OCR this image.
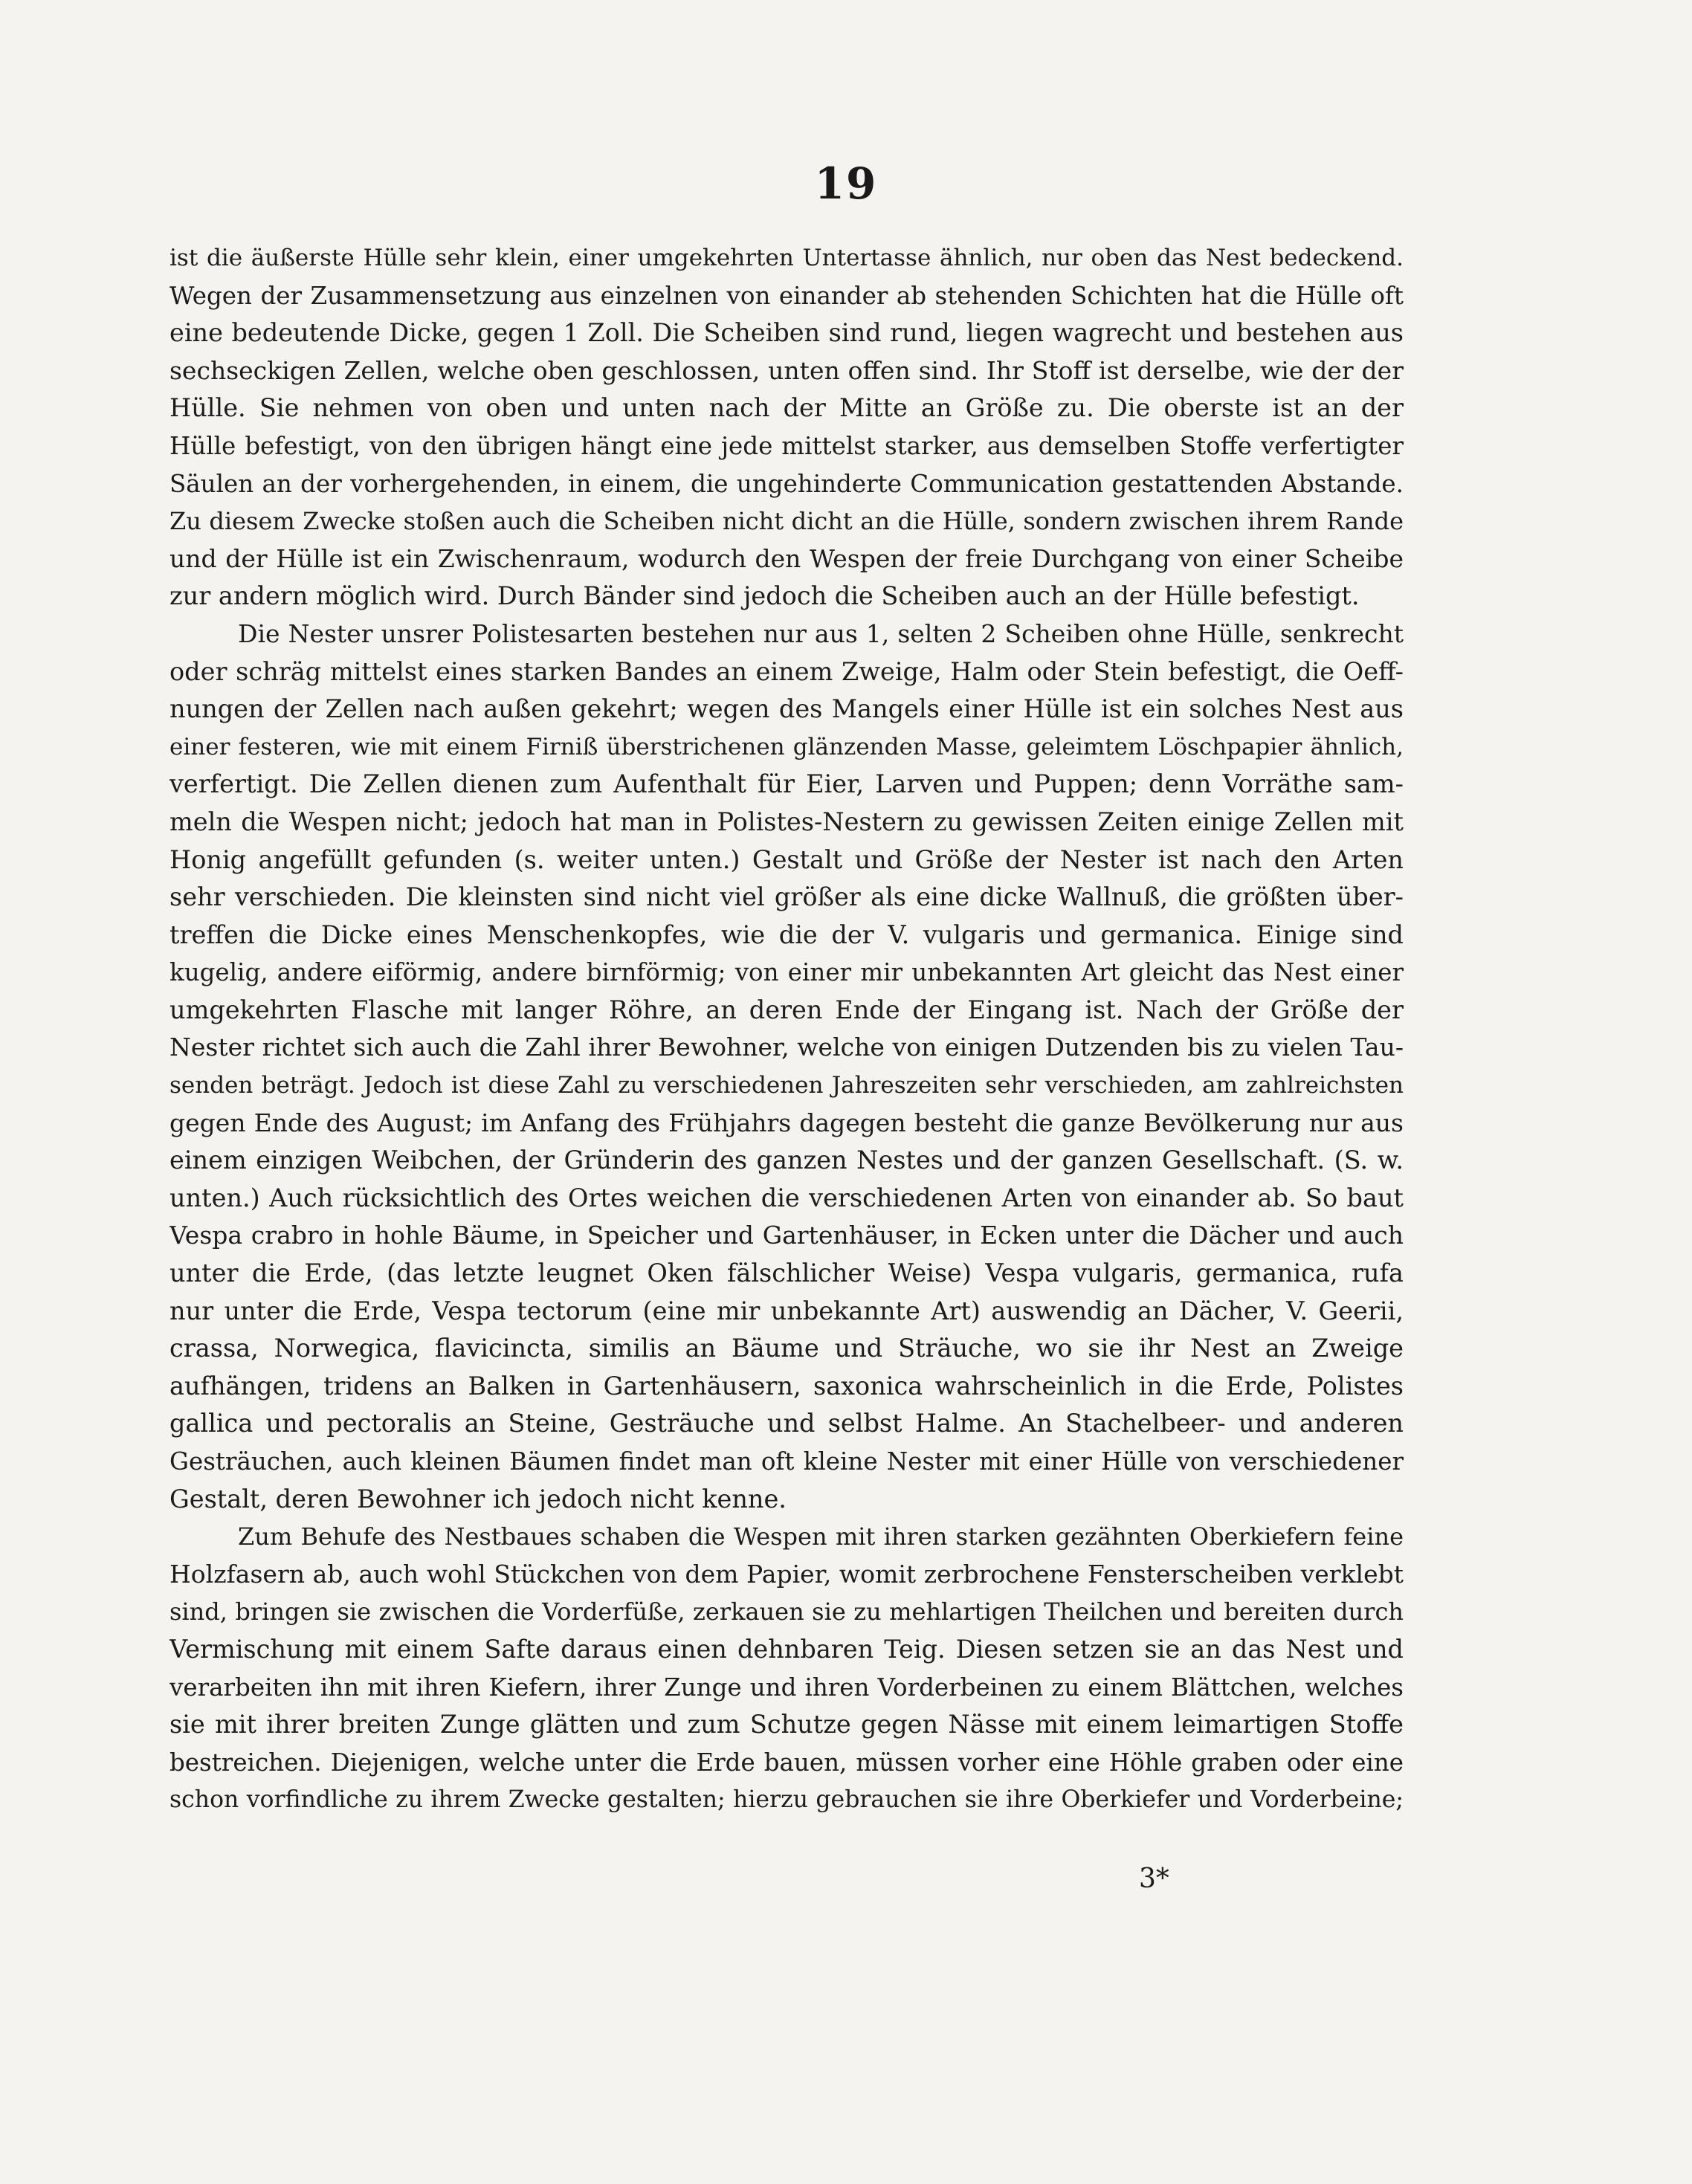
19
ist die äußerste Hülle sehr klein, einer umgekehrten Untertasse ähnlich, nur oben das Nest bedeckend.
Wegen der Zusammensetzung aus einzelnen von einander ab stehenden Schichten hat die Hülle oft
eine bedeutende Dicke, gegen 1 Zoll. Die Scheiben sind rund, liegen wagrecht und bestehen aus
sechseckigen Zellen, welche oben geschlossen, unten offen sind. Ihr Stoff ist derselbe, wie der der
Hülle. Sie nehmen von oben und unten nach der Mitte an Größe zu. Die oberste ist an der
Hülle befestigt, von den übrigen hängt eine jede mittelst starker, aus demselben Stoffe verfertigter
Säulen an der vorhergehenden, in einem, die ungehinderte Communication gestattenden Abstande.
Zu diesem Zwecke stoßen auch die Scheiben nicht dicht an die Hülle, sondern zwischen ihrem Rande
und der Hülle ist ein Zwischenraum, wodurch den Wespen der freie Durchgang von einer Scheibe
zur andern möglich wird. Durch Bänder sind jedoch die Scheiben auch an der Hülle befestigt.
Die Nester unsrer Polistesarten bestehen nur aus 1, selten 2 Scheiben ohne Hülle, senkrecht
oder schräg mittelst eines starken Bandes an einem Zweige, Halm oder Stein befestigt, die Oeff-
nungen der Zellen nach außen gekehrt; wegen des Mangels einer Hülle ist ein solches Nest aus
einer festeren, wie mit einem Firniß überstrichenen glänzenden Masse, geleimtem Löschpapier ähnlich,
verfertigt. Die Zellen dienen zum Aufenthalt für Eier, Larven und Puppen; denn Vorräthe sam-
meln die Wespen nicht; jedoch hat man in Polistes-Nestern zu gewissen Zeiten einige Zellen mit
Honig angefüllt gefunden (s. weiter unten.) Gestalt und Größe der Nester ist nach den Arten
sehr verschieden. Die kleinsten sind nicht viel größer als eine dicke Wallnuß, die größten über-
treffen die Dicke eines Menschenkopfes, wie die der V. vulgaris und germanica. Einige sind
kugelig, andere eiförmig, andere birnförmig; von einer mir unbekannten Art gleicht das Nest einer
umgekehrten Flasche mit langer Röhre, an deren Ende der Eingang ist. Nach der Größe der
Nester richtet sich auch die Zahl ihrer Bewohner, welche von einigen Dutzenden bis zu vielen Tau-
senden beträgt. Jedoch ist diese Zahl zu verschiedenen Jahreszeiten sehr verschieden, am zahlreichsten
gegen Ende des August; im Anfang des Frühjahrs dagegen besteht die ganze Bevölkerung nur aus
einem einzigen Weibchen, der Gründerin des ganzen Nestes und der ganzen Gesellschaft. (S. w.
unten.) Auch rücksichtlich des Ortes weichen die verschiedenen Arten von einander ab. So baut
Vespa crabro in hohle Bäume, in Speicher und Gartenhäuser, in Ecken unter die Dächer und auch
unter die Erde, (das letzte leugnet Oken fälschlicher Weise) Vespa vulgaris, germanica, rufa
nur unter die Erde, Vespa tectorum (eine mir unbekannte Art) auswendig an Dächer, V. Geerii,
crassa, Norwegica, flavicincta, similis an Bäume und Sträuche, wo sie ihr Nest an Zweige
aufhängen, tridens an Balken in Gartenhäusern, saxonica wahrscheinlich in die Erde, Polistes
gallica und pectoralis an Steine, Gesträuche und selbst Halme. An Stachelbeer- und anderen
Gesträuchen, auch kleinen Bäumen findet man oft kleine Nester mit einer Hülle von verschiedener
Gestalt, deren Bewohner ich jedoch nicht kenne.
Zum Behufe des Nestbaues schaben die Wespen mit ihren starken gezähnten Oberkiefern feine
Holzfasern ab, auch wohl Stückchen von dem Papier, womit zerbrochene Fensterscheiben verklebt
sind, bringen sie zwischen die Vorderfüße, zerkauen sie zu mehlartigen Theilchen und bereiten durch
Vermischung mit einem Safte daraus einen dehnbaren Teig. Diesen setzen sie an das Nest und
verarbeiten ihn mit ihren Kiefern, ihrer Zunge und ihren Vorderbeinen zu einem Blättchen, welches
sie mit ihrer breiten Zunge glätten und zum Schutze gegen Nässe mit einem leimartigen Stoffe
bestreichen. Diejenigen, welche unter die Erde bauen, müssen vorher eine Höhle graben oder eine
schon vorfindliche zu ihrem Zwecke gestalten; hierzu gebrauchen sie ihre Oberkiefer und Vorderbeine;
3*
